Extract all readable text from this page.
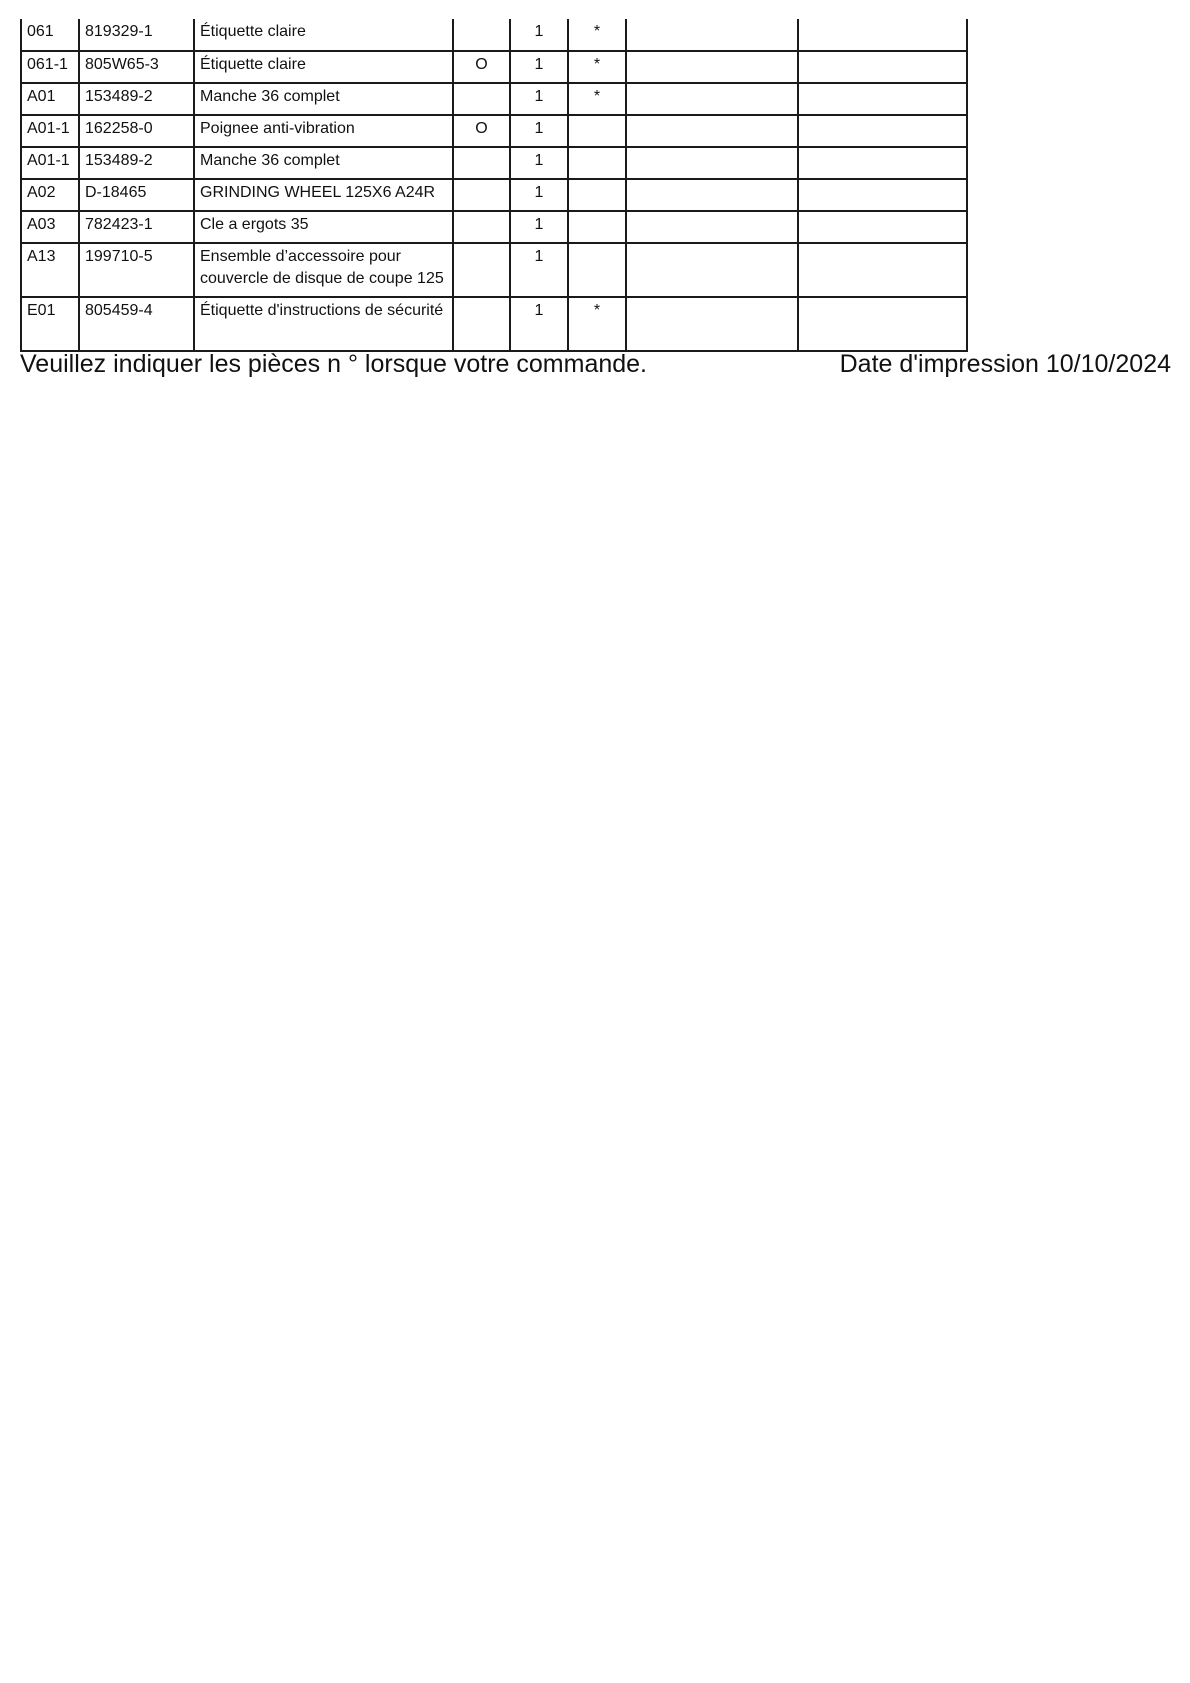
061	819329-1	Étiquette claire		1	*		
061-1	805W65-3	Étiquette claire	O	1	*		
A01	153489-2	Manche 36 complet		1	*		
A01-1	162258-0	Poignee anti-vibration	O	1			
A01-1	153489-2	Manche 36 complet		1			
A02	D-18465	GRINDING WHEEL 125X6 A24R		1			
A03	782423-1	Cle a ergots 35		1			
A13	199710-5	Ensemble d’accessoire pour couvercle de disque de coupe 125		1			
E01	805459-4	Étiquette d'instructions de sécurité		1	*		
Veuillez indiquer les pièces n ° lorsque votre commande.	Date d'impression 10/10/2024
